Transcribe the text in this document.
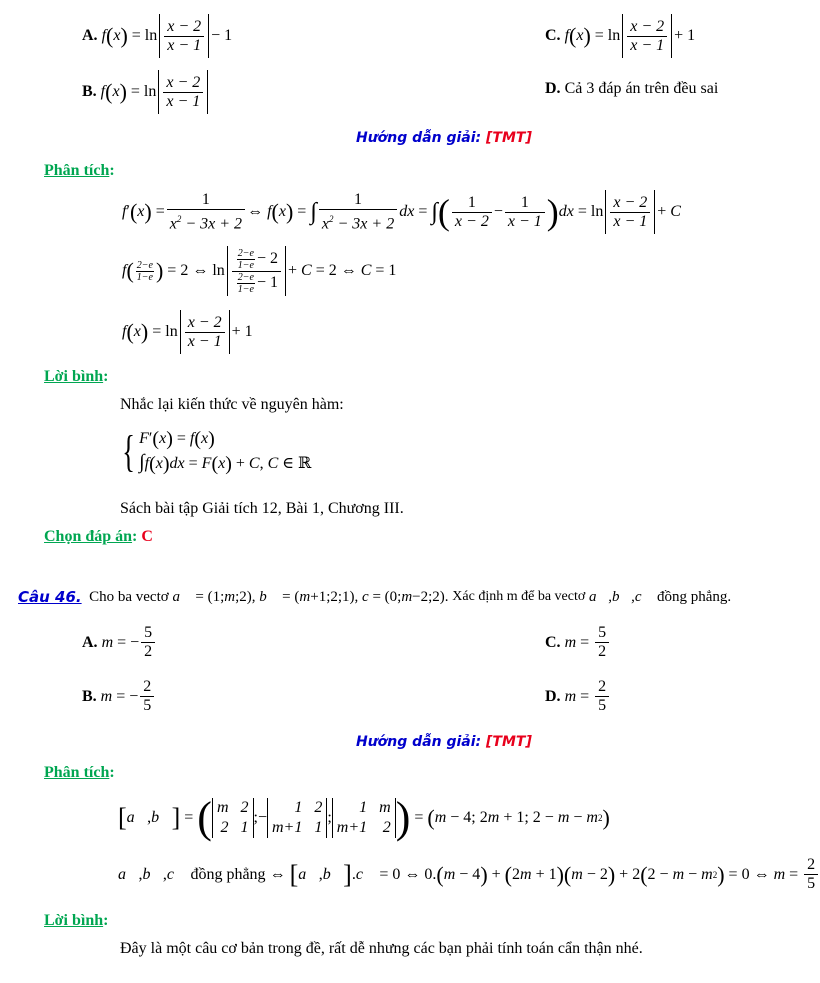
A.
f ( x ) = $\ln \frac{x - 2}{x - 1} - 1$	C.
f ( x ) = $\ln \frac{x - 2}{x - 1} + 1$
B.
f ( x ) = $\ln \frac{x - 2}{x - 1}$	D. Cả 3 đáp án trên đều sai
Hướng dẫn giải: [TMT]
Phân tích:
f ′ ( x ) = $\frac{1}{x^2 - 3x + 2}$ ⇔ f ( x ) = ∫ $\frac{1}{x^2 - 3x + 2}$ dx = ∫ ( $\frac{1}{x - 2} - \frac{1}{x - 1}$ ) dx = $\ln \frac{x - 2}{x - 1} + C$
f ( $\frac{2-e}{1-e}$ ) = 2 ⇔ $\ln \frac{\frac{2-e}{1-e} - 2}{\frac{2-e}{1-e} - 1} + C = 2$ ⇔ C = 1
f ( x ) = $\ln \frac{x - 2}{x - 1} + 1$
Lời bình:
Nhắc lại kiến thức về nguyên hàm:
{ F′(x) = f(x)
∫f(x)dx = F(x) + C, C ∈ ℝ
Sách bài tập Giải tích 12, Bài 1, Chương III.
Chọn đáp án: C
Câu 46. Cho ba vectơ a⃗ = (1; m ;2), b⃗ = ( m +1;2;1), c = (0; m −2;2). Xác định m để ba vectơ
a⃗ , b⃗ , c⃗ đồng phẳng.
A.
m = − $\frac{5}{2}$	C.
$m = \frac{5}{2}$
B.
m = − $\frac{2}{5}$	D.
$m = \frac{2}{5}$
Hướng dẫn giải: [TMT]
Phân tích:
[ a⃗ , b⃗ ] = ( m 2
2 1
;−
1 2
m+1 1
;
1 m
m+1 2 ) = ( m − 4; 2 m + 1; 2 − m − m 2 )
a⃗ , b⃗ , c⃗
đồng phẳng ⇔ [ a⃗ , b⃗ ] . c⃗ = 0 ⇔ 0. ( m − 4 ) + ( 2 m + 1 ) ( m − 2 ) + 2 ( 2 − m − m 2 ) = 0 ⇔ $m = \frac{2}{5}$
Lời bình:
Đây là một câu cơ bản trong đề, rất dễ nhưng các bạn phải tính toán cẩn thận nhé.
